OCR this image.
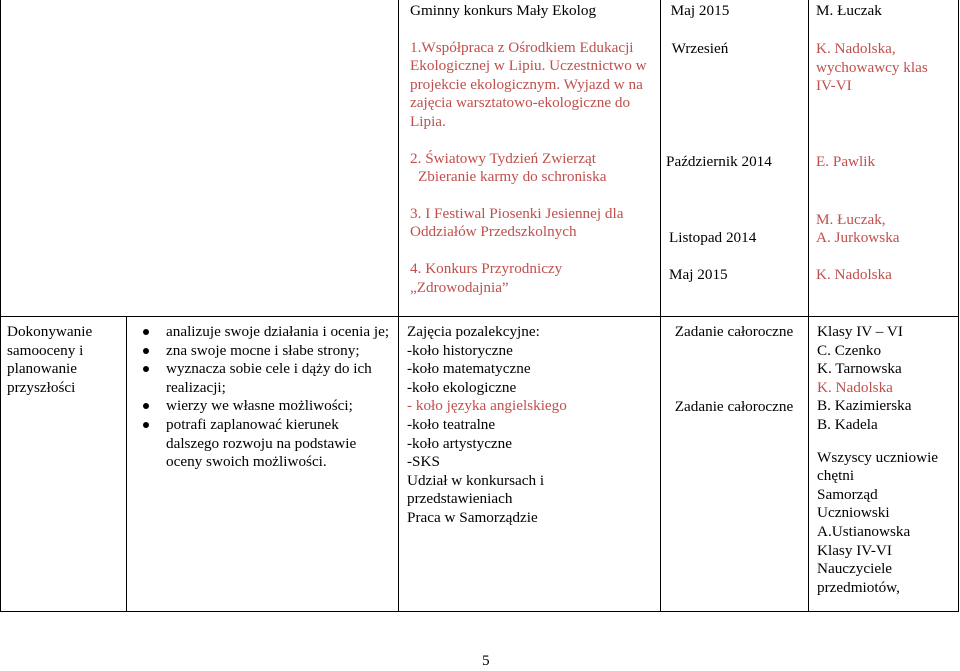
Gminny konkurs Mały Ekolog

1.Współpraca z Ośrodkiem Edukacji Ekologicznej w Lipiu. Uczestnictwo w projekcie ekologicznym. Wyjazd w na zajęcia warsztatowo-ekologiczne do Lipia.

2. Światowy Tydzień Zwierząt

Zbieranie karmy do schroniska

3. I Festiwal Piosenki Jesiennej dla Oddziałów Przedszkolnych

4. Konkurs Przyrodniczy

„Zdrowodajnia”

Maj 2015

Wrzesień

Październik 2014

Listopad 2014

Maj 2015

M. Łuczak

K. Nadolska, wychowawcy klas IV-VI

E. Pawlik

M. Łuczak,

A. Jurkowska

K. Nadolska

Dokonywanie samooceny i planowanie przyszłości

analizuje swoje działania i ocenia je;
zna swoje mocne i słabe strony;
wyznacza sobie cele i dąży do ich realizacji;
wierzy we własne możliwości;
potrafi zaplanować kierunek dalszego rozwoju na podstawie oceny swoich możliwości.

Zajęcia pozalekcyjne:

-koło historyczne

-koło matematyczne

-koło ekologiczne

- koło języka angielskiego

-koło teatralne

-koło artystyczne

-SKS

Udział w konkursach i przedstawieniach

Praca w Samorządzie

Zadanie całoroczne

Zadanie całoroczne

Klasy IV – VI

C. Czenko

K. Tarnowska

K. Nadolska

B. Kazimierska

B. Kadela

Wszyscy uczniowie chętni

Samorząd Uczniowski

A.Ustianowska

Klasy IV-VI

Nauczyciele przedmiotów,

5
